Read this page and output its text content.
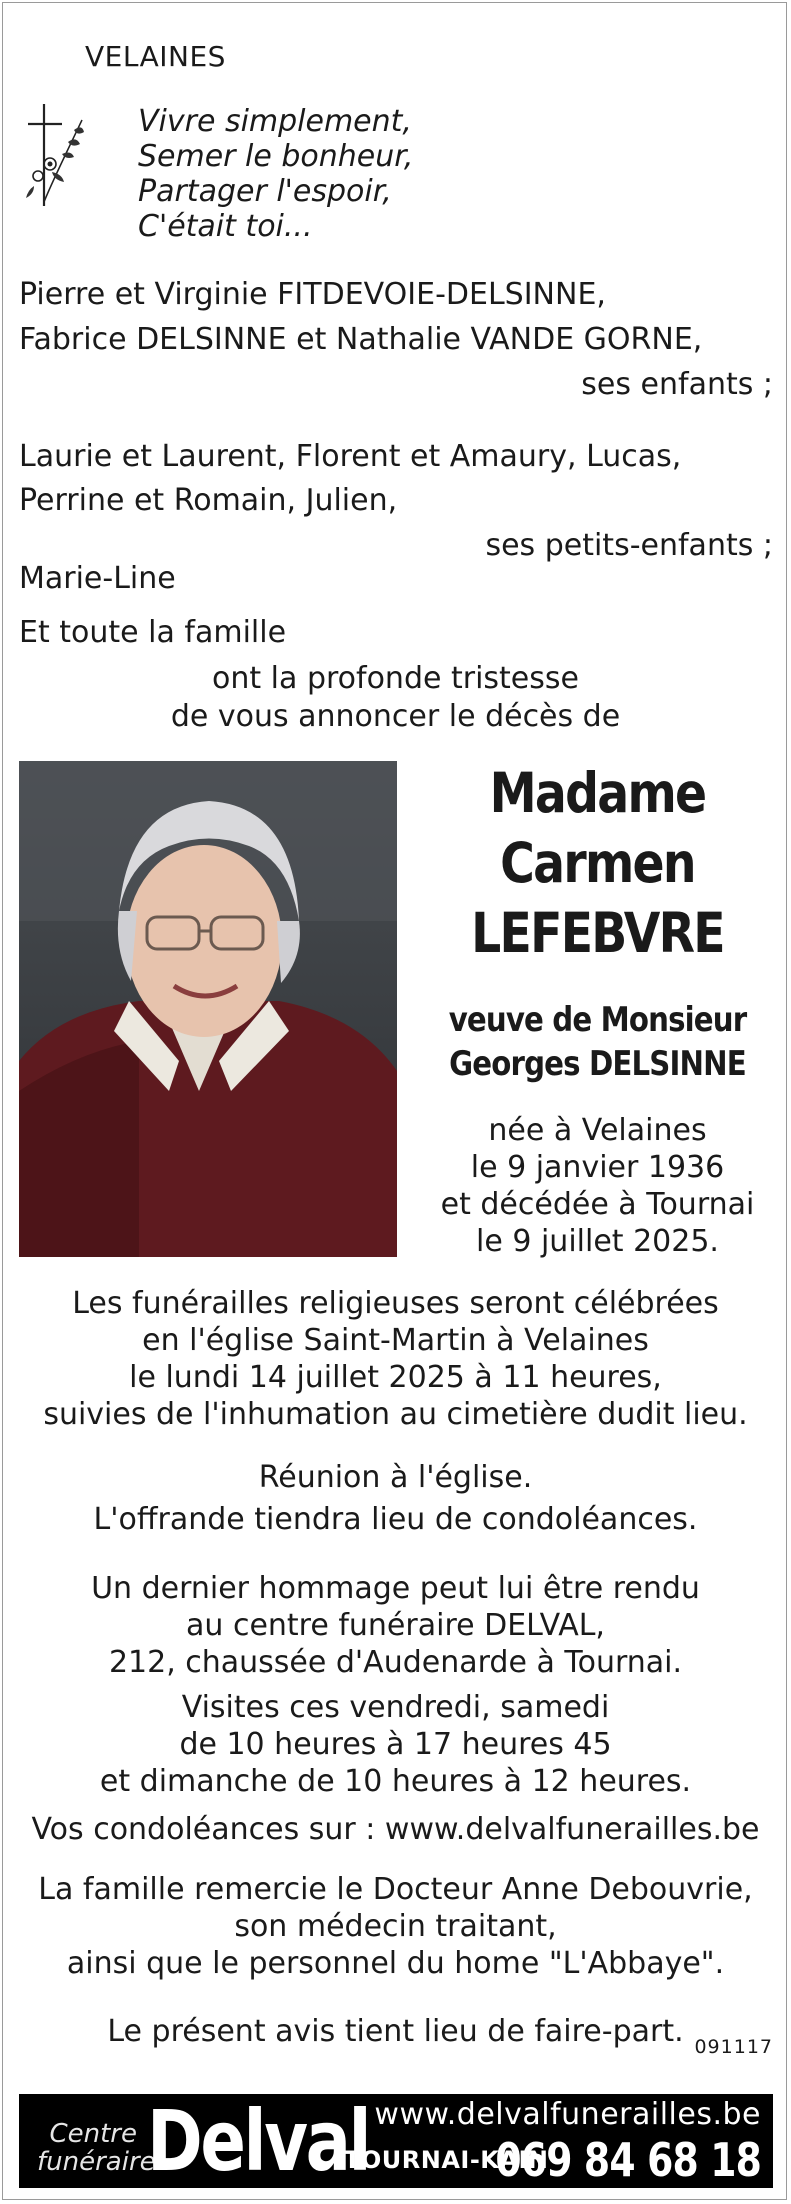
VELAINES
Vivre simplement,
Semer le bonheur,
Partager l'espoir,
C'était toi...
Pierre et Virginie FITDEVOIE-DELSINNE,
Fabrice DELSINNE et Nathalie VANDE GORNE,
ses enfants ;
Laurie et Laurent, Florent et Amaury, Lucas,
Perrine et Romain, Julien,
ses petits-enfants ;
Marie-Line
Et toute la famille
ont la profonde tristesse
de vous annoncer le décès de
Madame
Carmen
LEFEBVRE
veuve de Monsieur
Georges DELSINNE
née à Velaines
le 9 janvier 1936
et décédée à Tournai
le 9 juillet 2025.
Les funérailles religieuses seront célébrées
en l'église Saint-Martin à Velaines
le lundi 14 juillet 2025 à 11 heures,
suivies de l'inhumation au cimetière dudit lieu.
Réunion à l'église.
L'offrande tiendra lieu de condoléances.
Un dernier hommage peut lui être rendu
au centre funéraire DELVAL,
212, chaussée d'Audenarde à Tournai.
Visites ces vendredi, samedi
de 10 heures à 17 heures 45
et dimanche de 10 heures à 12 heures.
Vos condoléances sur : www.delvalfunerailles.be
La famille remercie le Docteur Anne Debouvrie,
son médecin traitant,
ainsi que le personnel du home "L'Abbaye".
Le présent avis tient lieu de faire-part. 091117
Centre
funéraire
Delval www.delvalfunerailles.be
TOURNAI-KAIN
069 84 68 18
